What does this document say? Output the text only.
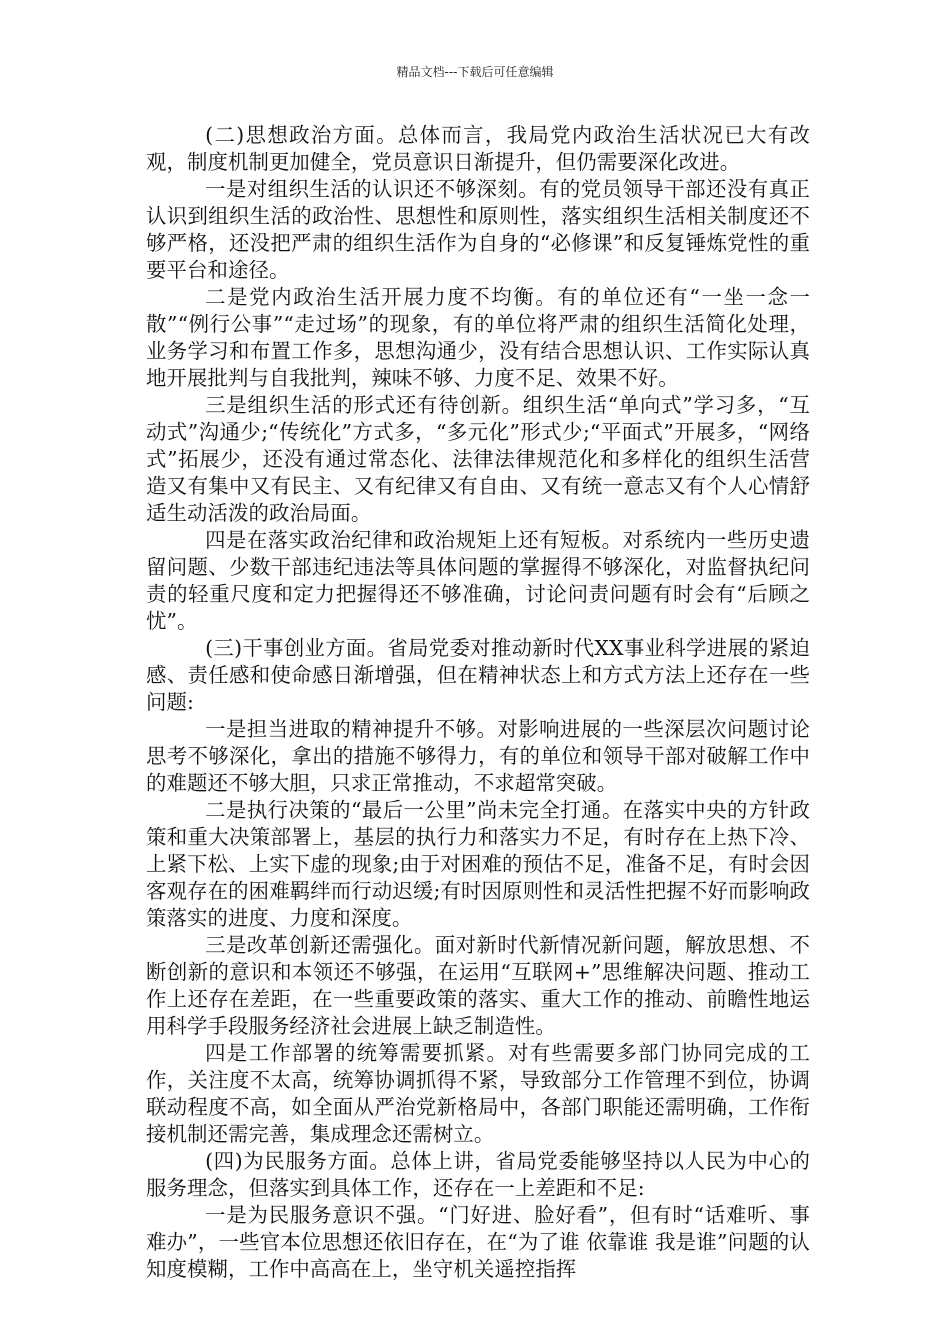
精品文档---下载后可任意编辑

(二)思想政治方面。总体而言，我局党内政治生活状况已大有改观，制度机制更加健全，党员意识日渐提升，但仍需要深化改进。

一是对组织生活的认识还不够深刻。有的党员领导干部还没有真正认识到组织生活的政治性、思想性和原则性，落实组织生活相关制度还不够严格，还没把严肃的组织生活作为自身的“必修课”和反复锤炼党性的重要平台和途径。

二是党内政治生活开展力度不均衡。有的单位还有“一坐一念一散”“例行公事”“走过场”的现象，有的单位将严肃的组织生活简化处理，业务学习和布置工作多，思想沟通少，没有结合思想认识、工作实际认真地开展批判与自我批判，辣味不够、力度不足、效果不好。

三是组织生活的形式还有待创新。组织生活“单向式”学习多，“互动式”沟通少;“传统化”方式多，“多元化”形式少;“平面式”开展多，“网络式”拓展少，还没有通过常态化、法律法律规范化和多样化的组织生活营造又有集中又有民主、又有纪律又有自由、又有统一意志又有个人心情舒适生动活泼的政治局面。

四是在落实政治纪律和政治规矩上还有短板。对系统内一些历史遗留问题、少数干部违纪违法等具体问题的掌握得不够深化，对监督执纪问责的轻重尺度和定力把握得还不够准确，讨论问责问题有时会有“后顾之忧”。

(三)干事创业方面。省局党委对推动新时代XX事业科学进展的紧迫感、责任感和使命感日渐增强，但在精神状态上和方式方法上还存在一些问题:

一是担当进取的精神提升不够。对影响进展的一些深层次问题讨论思考不够深化，拿出的措施不够得力，有的单位和领导干部对破解工作中的难题还不够大胆，只求正常推动，不求超常突破。

二是执行决策的“最后一公里”尚未完全打通。在落实中央的方针政策和重大决策部署上，基层的执行力和落实力不足，有时存在上热下冷、上紧下松、上实下虚的现象;由于对困难的预估不足，准备不足，有时会因客观存在的困难羁绊而行动迟缓;有时因原则性和灵活性把握不好而影响政策落实的进度、力度和深度。

三是改革创新还需强化。面对新时代新情况新问题，解放思想、不断创新的意识和本领还不够强，在运用“互联网+”思维解决问题、推动工作上还存在差距，在一些重要政策的落实、重大工作的推动、前瞻性地运用科学手段服务经济社会进展上缺乏制造性。

四是工作部署的统筹需要抓紧。对有些需要多部门协同完成的工作，关注度不太高，统筹协调抓得不紧，导致部分工作管理不到位，协调联动程度不高，如全面从严治党新格局中，各部门职能还需明确，工作衔接机制还需完善，集成理念还需树立。

(四)为民服务方面。总体上讲，省局党委能够坚持以人民为中心的服务理念，但落实到具体工作，还存在一上差距和不足:

一是为民服务意识不强。“门好进、脸好看”，但有时“话难听、事难办”，一些官本位思想还依旧存在，在“为了谁 依靠谁 我是谁”问题的认知度模糊，工作中高高在上，坐守机关遥控指挥
